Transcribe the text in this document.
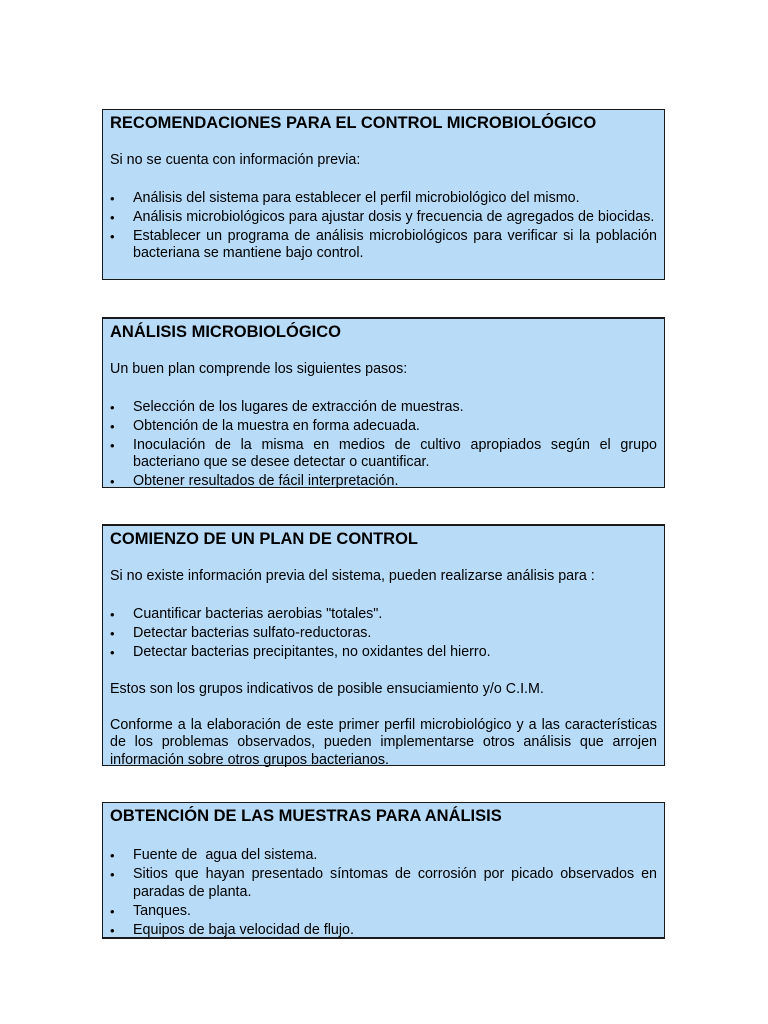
RECOMENDACIONES PARA EL CONTROL MICROBIOLÓGICO

Si no se cuenta con información previa:

• Análisis del sistema para establecer el perfil microbiológico del mismo.
• Análisis microbiológicos para ajustar dosis y frecuencia de agregados de biocidas.
• Establecer un programa de análisis microbiológicos para verificar si la población bacteriana se mantiene bajo control.
ANÁLISIS MICROBIOLÓGICO

Un buen plan comprende los siguientes pasos:

• Selección de los lugares de extracción de muestras.
• Obtención de la muestra en forma adecuada.
• Inoculación de la misma en medios de cultivo apropiados según el grupo bacteriano que se desee detectar o cuantificar.
• Obtener resultados de fácil interpretación.
COMIENZO DE UN PLAN DE CONTROL

Si no existe información previa del sistema, pueden realizarse análisis para :

• Cuantificar bacterias aerobias "totales".
• Detectar bacterias sulfato-reductoras.
• Detectar bacterias precipitantes, no oxidantes del hierro.

Estos son los grupos indicativos de posible ensuciamiento y/o C.I.M.

Conforme a la elaboración de este primer perfil microbiológico y a las características de los problemas observados, pueden implementarse otros análisis que arrojen información sobre otros grupos bacterianos.

OBTENCIÓN DE LAS MUESTRAS PARA ANÁLISIS
• Fuente de  agua del sistema.
• Sitios que hayan presentado síntomas de corrosión por picado observados en paradas de planta.
• Tanques.
• Equipos de baja velocidad de flujo.
